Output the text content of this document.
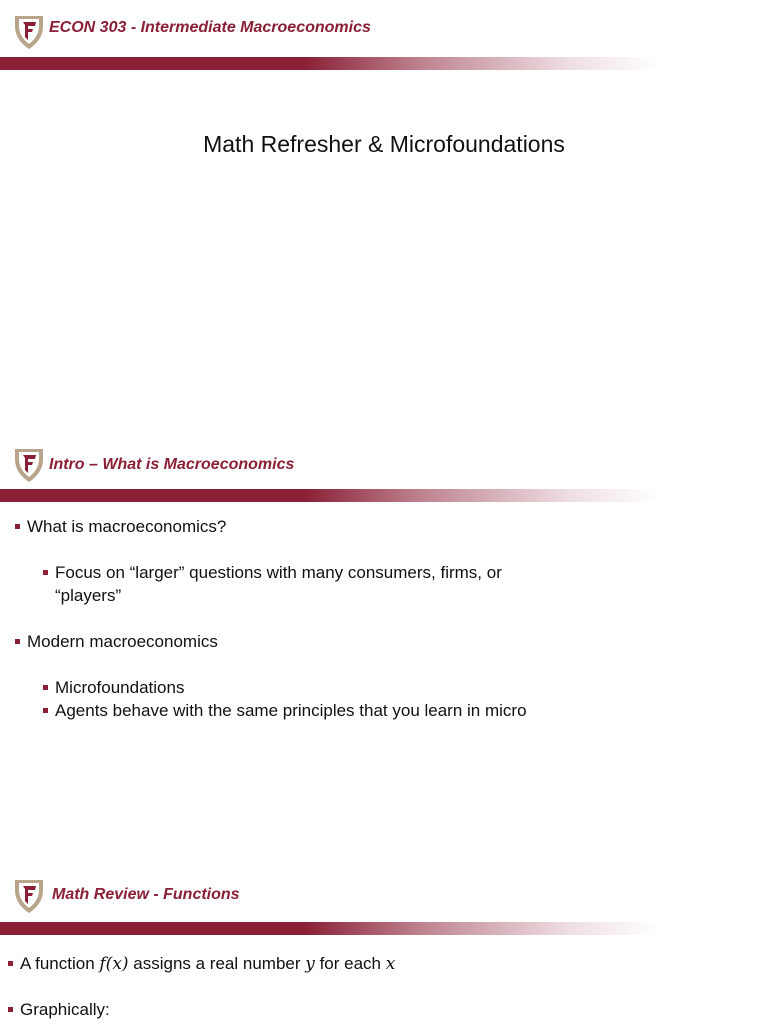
ECON 303 - Intermediate Macroeconomics
Math Refresher & Microfoundations
Intro – What is Macroeconomics
What is macroeconomics?
Focus on “larger” questions with many consumers, firms, or
“players”
Modern macroeconomics
Microfoundations
Agents behave with the same principles that you learn in micro
Math Review - Functions
A function f(x) assigns a real number y for each x
Graphically:
